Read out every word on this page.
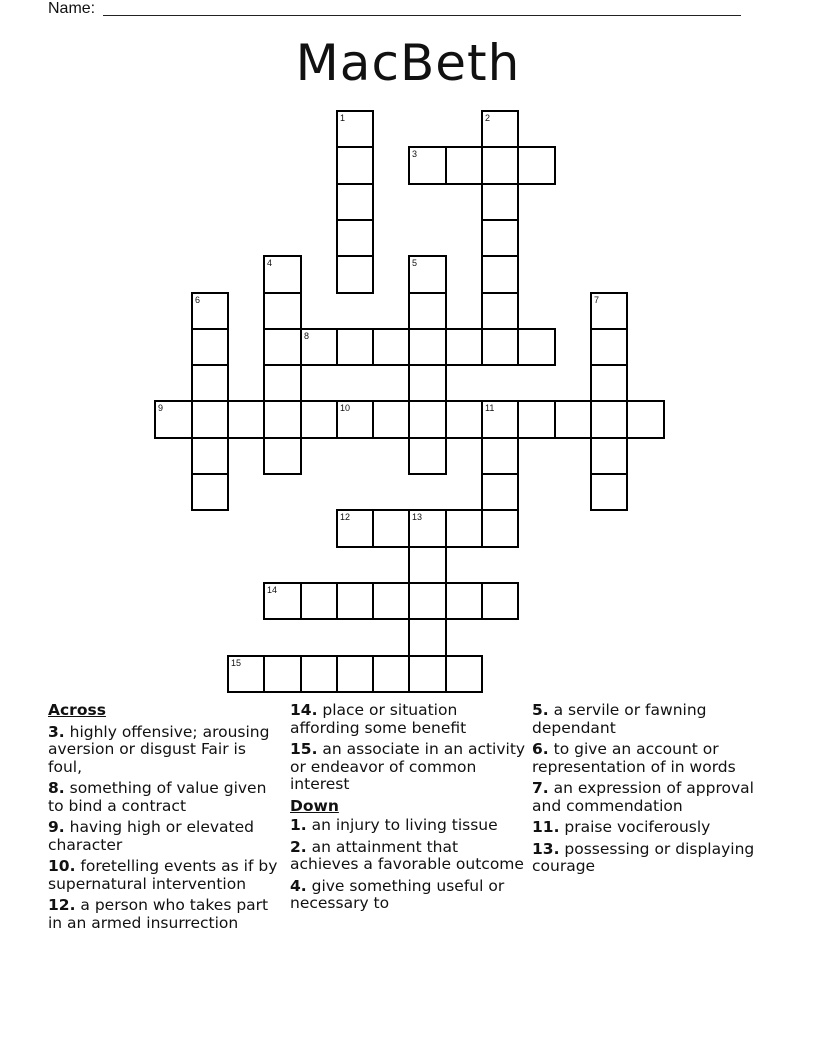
Name:
MacBeth
1	2
3
4	5
6	7
8
9	10	11
12	13
14
15
Across
3. highly offensive; arousing aversion or disgust Fair is foul,
8. something of value given to bind a contract
9. having high or elevated character
10. foretelling events as if by supernatural intervention
12. a person who takes part in an armed insurrection
14. place or situation affording some benefit
15. an associate in an activity or endeavor of common interest
Down
1. an injury to living tissue
2. an attainment that achieves a favorable outcome
4. give something useful or necessary to
5. a servile or fawning dependant
6. to give an account or representation of in words
7. an expression of approval and commendation
11. praise vociferously
13. possessing or displaying courage
